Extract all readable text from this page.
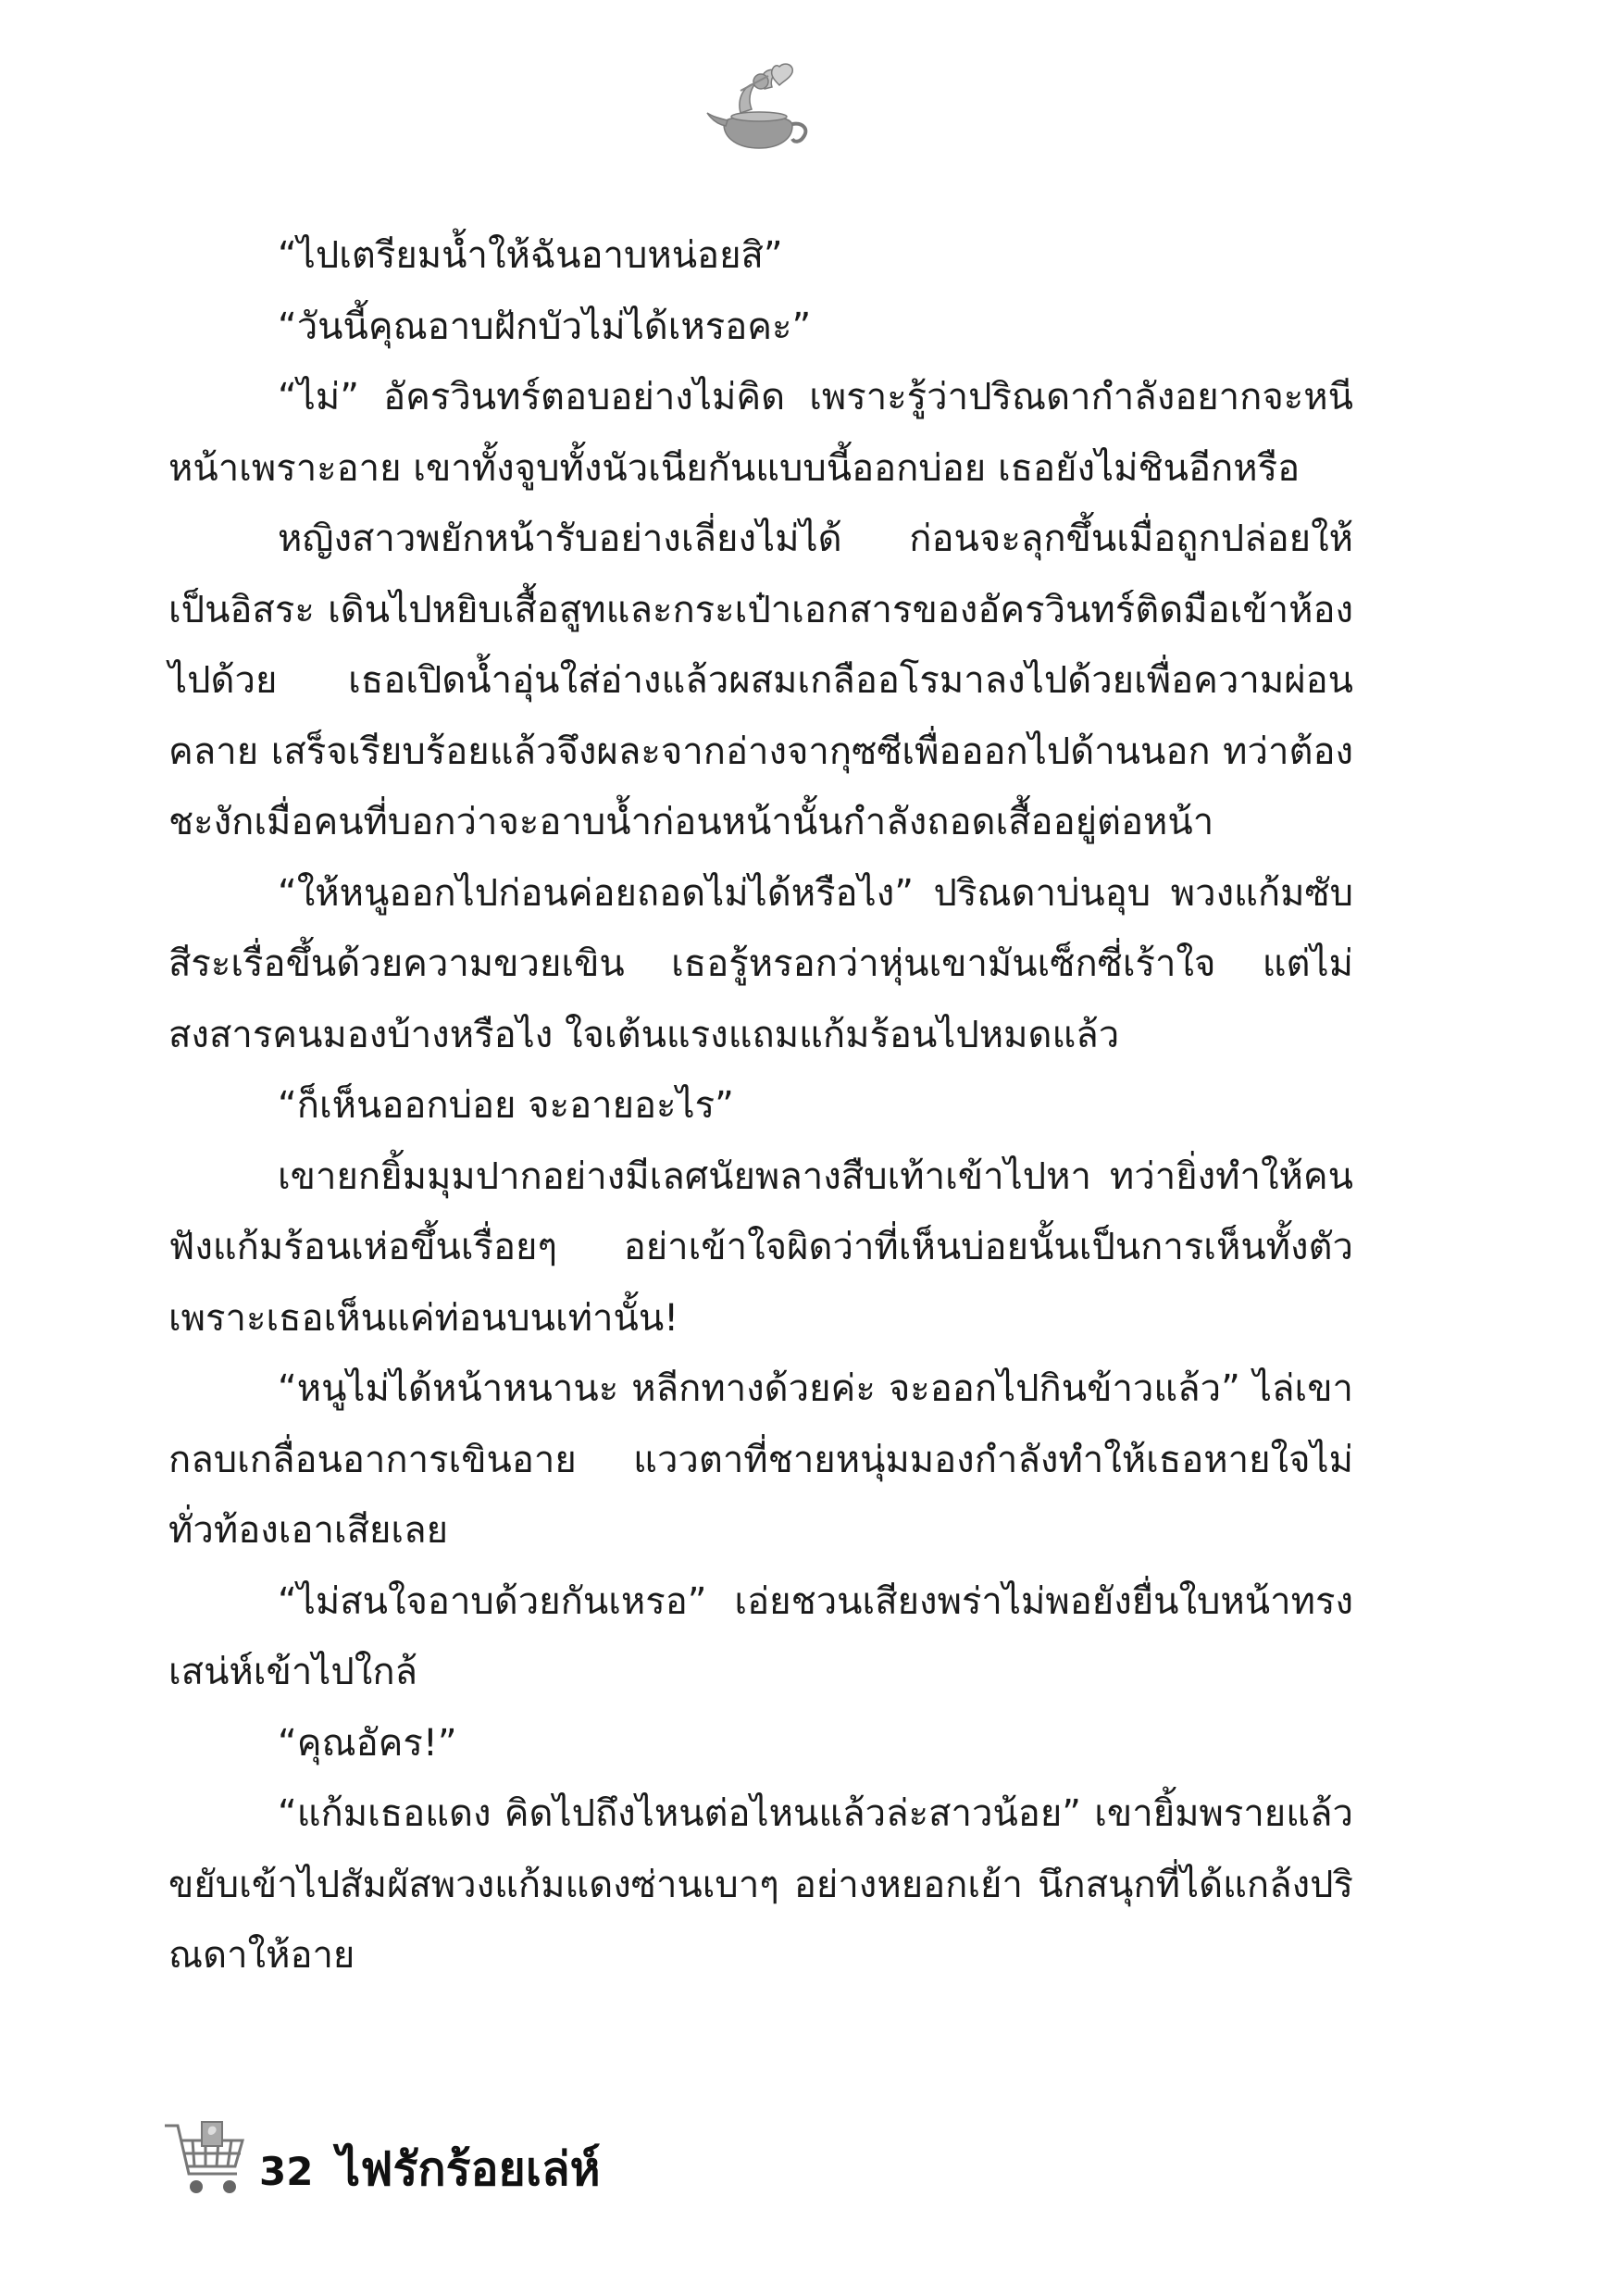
“ไปเตรียมน้ำให้ฉันอาบหน่อยสิ”

“วันนี้คุณอาบฝักบัวไม่ได้เหรอคะ”

“ไม่” อัครวินทร์ตอบอย่างไม่คิด เพราะรู้ว่าปริณดากำลังอยากจะหนีหน้าเพราะอาย เขาทั้งจูบทั้งนัวเนียกันแบบนี้ออกบ่อย เธอยังไม่ชินอีกหรือ

หญิงสาวพยักหน้ารับอย่างเลี่ยงไม่ได้ ก่อนจะลุกขึ้นเมื่อถูกปล่อยให้เป็นอิสระ เดินไปหยิบเสื้อสูทและกระเป๋าเอกสารของอัครวินทร์ติดมือเข้าห้องไปด้วย เธอเปิดน้ำอุ่นใส่อ่างแล้วผสมเกลืออโรมาลงไปด้วยเพื่อความผ่อนคลาย เสร็จเรียบร้อยแล้วจึงผละจากอ่างจากุซซีเพื่อออกไปด้านนอก ทว่าต้องชะงักเมื่อคนที่บอกว่าจะอาบน้ำก่อนหน้านั้นกำลังถอดเสื้ออยู่ต่อหน้า

“ให้หนูออกไปก่อนค่อยถอดไม่ได้หรือไง” ปริณดาบ่นอุบ พวงแก้มซับสีระเรื่อขึ้นด้วยความขวยเขิน เธอรู้หรอกว่าหุ่นเขามันเซ็กซี่เร้าใจ แต่ไม่สงสารคนมองบ้างหรือไง ใจเต้นแรงแถมแก้มร้อนไปหมดแล้ว

“ก็เห็นออกบ่อย จะอายอะไร”

เขายกยิ้มมุมปากอย่างมีเลศนัยพลางสืบเท้าเข้าไปหา ทว่ายิ่งทำให้คนฟังแก้มร้อนเห่อขึ้นเรื่อยๆ อย่าเข้าใจผิดว่าที่เห็นบ่อยนั้นเป็นการเห็นทั้งตัว เพราะเธอเห็นแค่ท่อนบนเท่านั้น!

“หนูไม่ได้หน้าหนานะ หลีกทางด้วยค่ะ จะออกไปกินข้าวแล้ว” ไล่เขากลบเกลื่อนอาการเขินอาย แววตาที่ชายหนุ่มมองกำลังทำให้เธอหายใจไม่ทั่วท้องเอาเสียเลย

“ไม่สนใจอาบด้วยกันเหรอ” เอ่ยชวนเสียงพร่าไม่พอยังยื่นใบหน้าทรงเสน่ห์เข้าไปใกล้

“คุณอัคร!”

“แก้มเธอแดง คิดไปถึงไหนต่อไหนแล้วล่ะสาวน้อย” เขายิ้มพรายแล้วขยับเข้าไปสัมผัสพวงแก้มแดงซ่านเบาๆ อย่างหยอกเย้า นึกสนุกที่ได้แกล้งปริณดาให้อาย

32 ไฟรักร้อยเล่ห์
